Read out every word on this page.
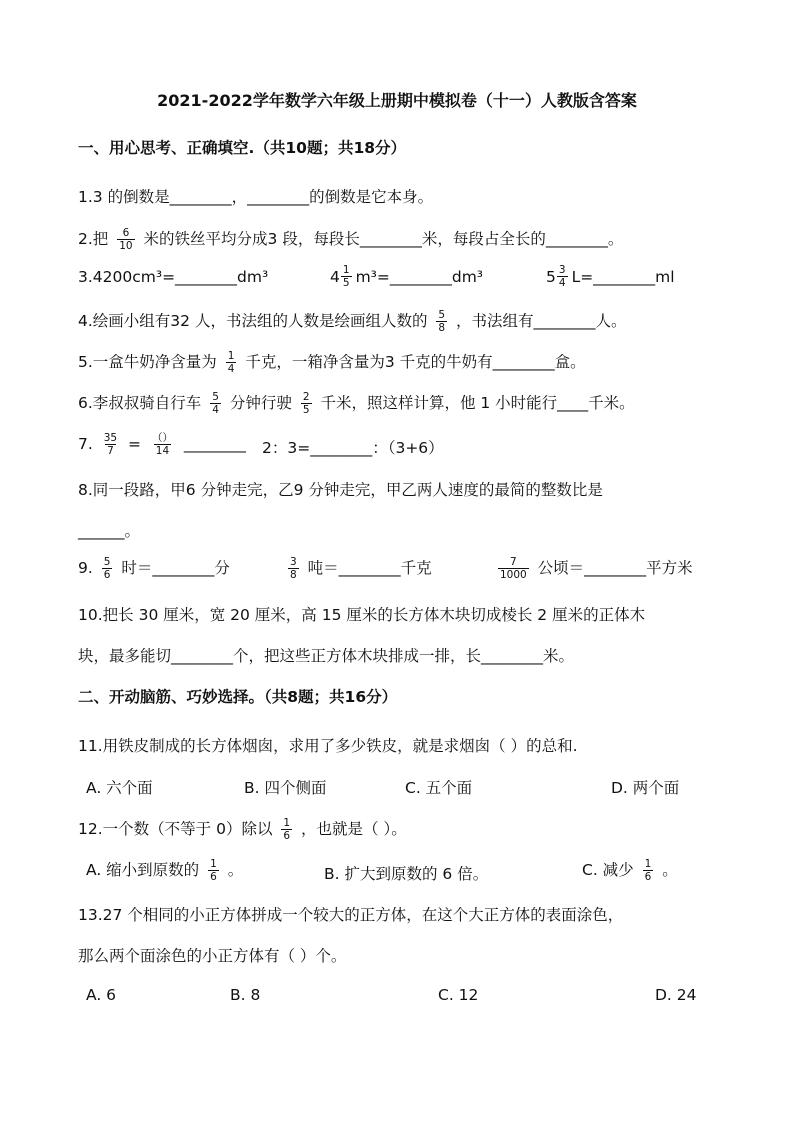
2021-2022学年数学六年级上册期中模拟卷（十一）人教版含答案
一、用心思考、正确填空.（共10题；共18分）
1.3 的倒数是________，________的倒数是它本身。
2.把 $\frac{6}{10}$ 米的铁丝平均分成3 段，每段长________米，每段占全长的________。
3.4200cm³=________dm³	$4 \frac{1}{5}$ m³=________dm³	$5 \frac{3}{4}$ L=________ml
4.绘画小组有32 人，书法组的人数是绘画组人数的 $\frac{5}{8}$ ，书法组有________人。
5.一盒牛奶净含量为 $\frac{1}{4}$ 千克，一箱净含量为3 千克的牛奶有________盒。
6.李叔叔骑自行车 $\frac{5}{4}$ 分钟行驶 $\frac{2}{5}$ 千米，照这样计算，他 1 小时能行____千米。
7. $\frac{35}{7} = \frac{()}{14}$ ________ 2：3=________：（3+6）
8.同一段路，甲6 分钟走完，乙9 分钟走完，甲乙两人速度的最简的整数比是
______。
9. $\frac{5}{6}$ 时＝________分	$\frac{3}{8}$ 吨＝________千克	$\frac{7}{1000}$ 公顷＝________平方米
10.把长 30 厘米，宽 20 厘米，高 15 厘米的长方体木块切成棱长 2 厘米的正体木
块，最多能切________个，把这些正方体木块排成一排，长________米。
二、开动脑筋、巧妙选择。（共8题；共16分）
11.用铁皮制成的长方体烟囱，求用了多少铁皮，就是求烟囱（ ）的总和.
A. 六个面	B. 四个侧面	C. 五个面	D. 两个面
12.一个数（不等于 0）除以 $\frac{1}{6}$ ，也就是（ ）。
A. 缩小到原数的 $\frac{1}{6}$ 。	B. 扩大到原数的 6 倍。	C. 减少 $\frac{1}{6}$ 。
13.27 个相同的小正方体拼成一个较大的正方体，在这个大正方体的表面涂色，
那么两个面涂色的小正方体有（ ）个。
A. 6	B. 8	C. 12	D. 24
